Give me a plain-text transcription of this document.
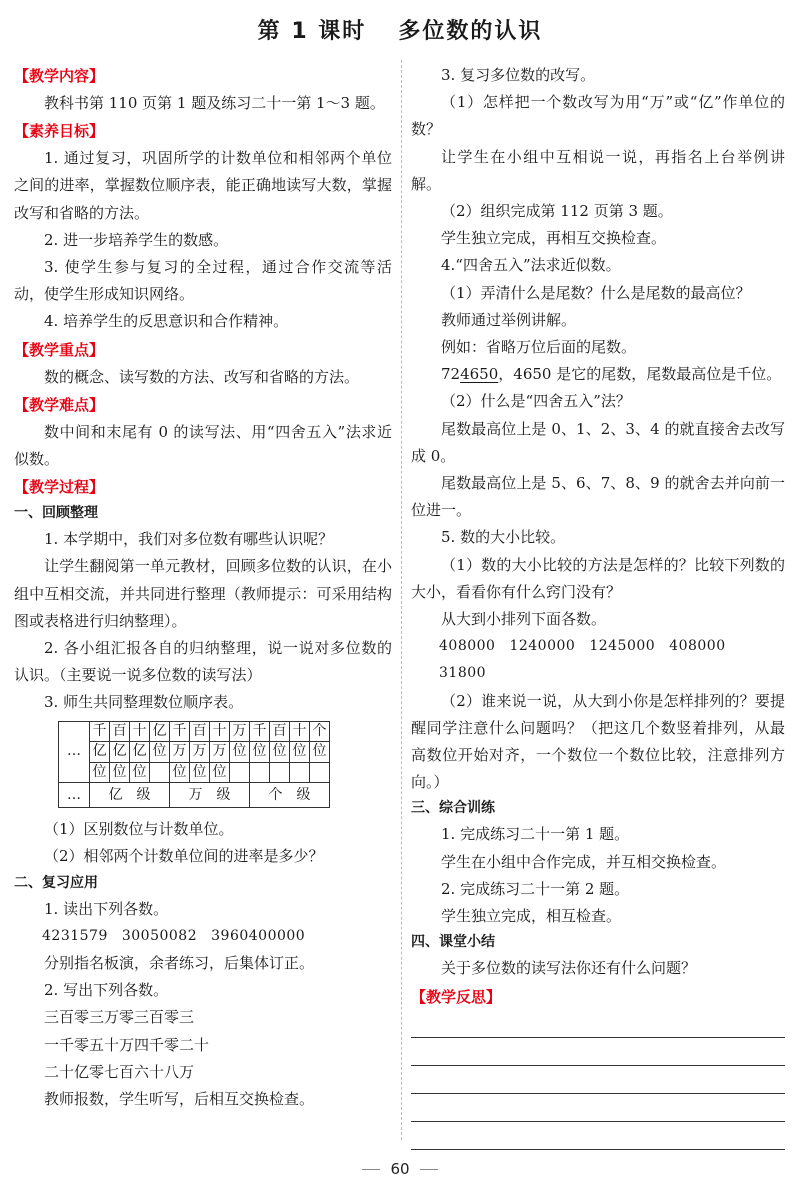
第 1 课时 多位数的认识
【教学内容】

教科书第 110 页第 1 题及练习二十一第 1～3 题。

【素养目标】

1. 通过复习，巩固所学的计数单位和相邻两个单位之间的进率，掌握数位顺序表，能正确地读写大数，掌握改写和省略的方法。

2. 进一步培养学生的数感。

3. 使学生参与复习的全过程，通过合作交流等活动，使学生形成知识网络。

4. 培养学生的反思意识和合作精神。

【教学重点】

数的概念、读写数的方法、改写和省略的方法。

【教学难点】

数中间和末尾有 0 的读写法、用“四舍五入”法求近似数。

【教学过程】
一、回顾整理

1. 本学期中，我们对多位数有哪些认识呢？

让学生翻阅第一单元教材，回顾多位数的认识，在小组中互相交流，并共同进行整理（教师提示：可采用结构图或表格进行归纳整理）。

2. 各小组汇报各自的归纳整理，说一说对多位数的认识。（主要说一说多位数的读写法）

3. 师生共同整理数位顺序表。

…	千	百	十	亿	千	百	十	万	千	百	十	个
	亿	亿	亿	位	万	万	万	位	位	位	位	位
	位	位	位		位	位	位					
…	亿　级				万　级				个　级			

（1）区别数位与计数单位。

（2）相邻两个计数单位间的进率是多少？

二、复习应用

1. 读出下列各数。

4231579 30050082 3960400000

分别指名板演，余者练习，后集体订正。

2. 写出下列各数。

三百零三万零三百零三

一千零五十万四千零二十

二十亿零七百六十八万

教师报数，学生听写，后相互交换检查。

3. 复习多位数的改写。

（1）怎样把一个数改写为用“万”或“亿”作单位的数？

让学生在小组中互相说一说，再指名上台举例讲解。

（2）组织完成第 112 页第 3 题。

学生独立完成，再相互交换检查。

4.“四舍五入”法求近似数。

（1）弄清什么是尾数？什么是尾数的最高位？

教师通过举例讲解。

例如：省略万位后面的尾数。

724650，4650 是它的尾数，尾数最高位是千位。

（2）什么是“四舍五入”法？

尾数最高位上是 0、1、2、3、4 的就直接舍去改写成 0。

尾数最高位上是 5、6、7、8、9 的就舍去并向前一位进一。

5. 数的大小比较。

（1）数的大小比较的方法是怎样的？比较下列数的大小，看看你有什么窍门没有？

从大到小排列下面各数。

408000 1240000 1245000 40800031800

（2）谁来说一说，从大到小你是怎样排列的？要提醒同学注意什么问题吗？（把这几个数竖着排列，从最高数位开始对齐，一个数位一个数位比较，注意排列方向。）

三、综合训练

1. 完成练习二十一第 1 题。

学生在小组中合作完成，并互相交换检查。

2. 完成练习二十一第 2 题。

学生独立完成，相互检查。

四、课堂小结

关于多位数的读写法你还有什么问题？

【教学反思】
60
